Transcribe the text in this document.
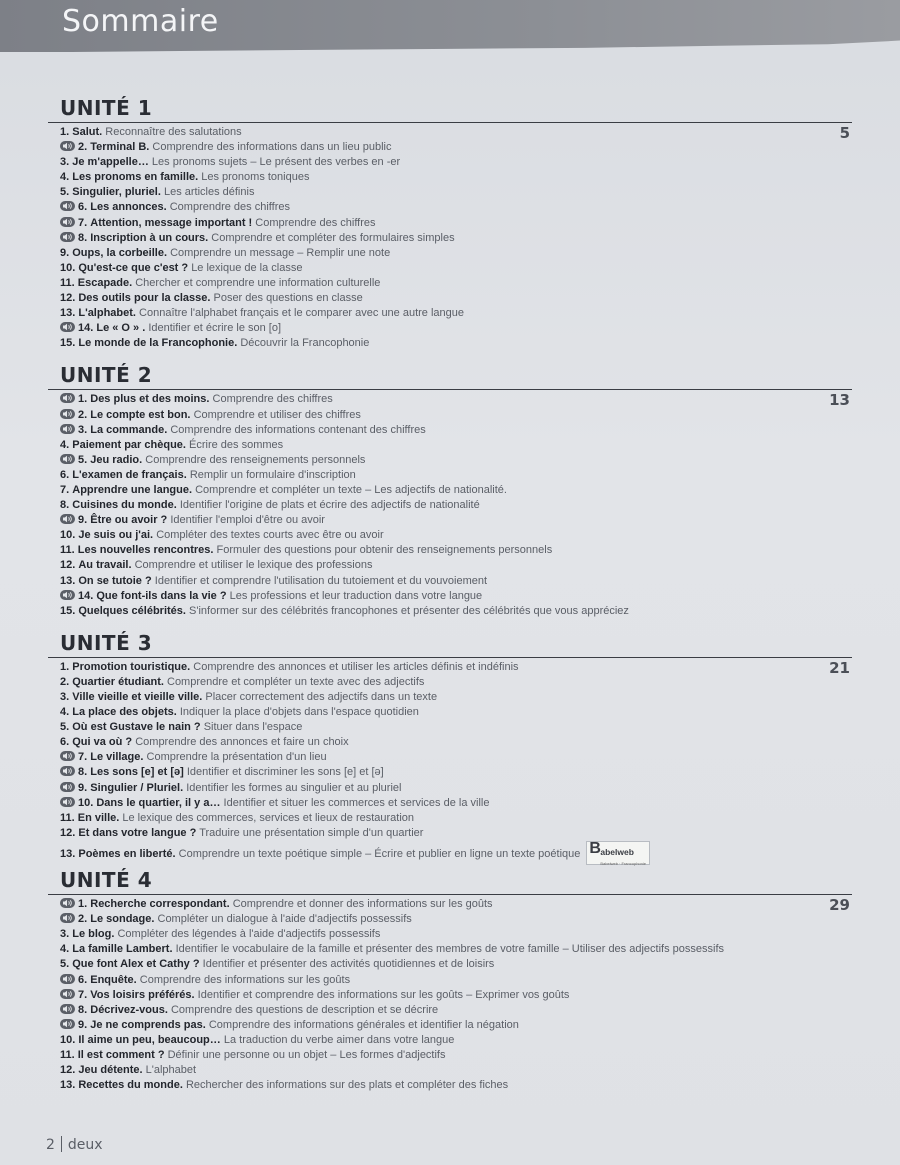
Sommaire
UNITÉ 1
5
1. Salut. Reconnaître des salutations
2. Terminal B. Comprendre des informations dans un lieu public
3. Je m'appelle… Les pronoms sujets – Le présent des verbes en -er
4. Les pronoms en famille. Les pronoms toniques
5. Singulier, pluriel. Les articles définis
6. Les annonces. Comprendre des chiffres
7. Attention, message important ! Comprendre des chiffres
8. Inscription à un cours. Comprendre et compléter des formulaires simples
9. Oups, la corbeille. Comprendre un message – Remplir une note
10. Qu'est-ce que c'est ? Le lexique de la classe
11. Escapade. Chercher et comprendre une information culturelle
12. Des outils pour la classe. Poser des questions en classe
13. L'alphabet. Connaître l'alphabet français et le comparer avec une autre langue
14. Le « O » . Identifier et écrire le son [o]
15. Le monde de la Francophonie. Découvrir la Francophonie
UNITÉ 2
13
1. Des plus et des moins. Comprendre des chiffres
2. Le compte est bon. Comprendre et utiliser des chiffres
3. La commande. Comprendre des informations contenant des chiffres
4. Paiement par chèque. Écrire des sommes
5. Jeu radio. Comprendre des renseignements personnels
6. L'examen de français. Remplir un formulaire d'inscription
7. Apprendre une langue. Comprendre et compléter un texte – Les adjectifs de nationalité.
8. Cuisines du monde. Identifier l'origine de plats et écrire des adjectifs de nationalité
9. Être ou avoir ? Identifier l'emploi d'être ou avoir
10. Je suis ou j'ai. Compléter des textes courts avec être ou avoir
11. Les nouvelles rencontres. Formuler des questions pour obtenir des renseignements personnels
12. Au travail. Comprendre et utiliser le lexique des professions
13. On se tutoie ? Identifier et comprendre l'utilisation du tutoiement et du vouvoiement
14. Que font-ils dans la vie ? Les professions et leur traduction dans votre langue
15. Quelques célébrités. S'informer sur des célébrités francophones et présenter des célébrités que vous appréciez
UNITÉ 3
21
1. Promotion touristique. Comprendre des annonces et utiliser les articles définis et indéfinis
2. Quartier étudiant. Comprendre et compléter un texte avec des adjectifs
3. Ville vieille et vieille ville. Placer correctement des adjectifs dans un texte
4. La place des objets. Indiquer la place d'objets dans l'espace quotidien
5. Où est Gustave le nain ? Situer dans l'espace
6. Qui va où ? Comprendre des annonces et faire un choix
7. Le village. Comprendre la présentation d'un lieu
8. Les sons [e] et [ə] Identifier et discriminer les sons [e] et [ə]
9. Singulier / Pluriel. Identifier les formes au singulier et au pluriel
10. Dans le quartier, il y a… Identifier et situer les commerces et services de la ville
11. En ville. Le lexique des commerces, services et lieux de restauration
12. Et dans votre langue ? Traduire une présentation simple d'un quartier
13. Poèmes en liberté. Comprendre un texte poétique simple – Écrire et publier en ligne un texte poétique B abelweb
Babelweb · Francophonie
UNITÉ 4
29
1. Recherche correspondant. Comprendre et donner des informations sur les goûts
2. Le sondage. Compléter un dialogue à l'aide d'adjectifs possessifs
3. Le blog. Compléter des légendes à l'aide d'adjectifs possessifs
4. La famille Lambert. Identifier le vocabulaire de la famille et présenter des membres de votre famille – Utiliser des adjectifs possessifs
5. Que font Alex et Cathy ? Identifier et présenter des activités quotidiennes et de loisirs
6. Enquête. Comprendre des informations sur les goûts
7. Vos loisirs préférés. Identifier et comprendre des informations sur les goûts – Exprimer vos goûts
8. Décrivez-vous. Comprendre des questions de description et se décrire
9. Je ne comprends pas. Comprendre des informations générales et identifier la négation
10. Il aime un peu, beaucoup… La traduction du verbe aimer dans votre langue
11. Il est comment ? Définir une personne ou un objet – Les formes d'adjectifs
12. Jeu détente. L'alphabet
13. Recettes du monde. Rechercher des informations sur des plats et compléter des fiches
2 deux
